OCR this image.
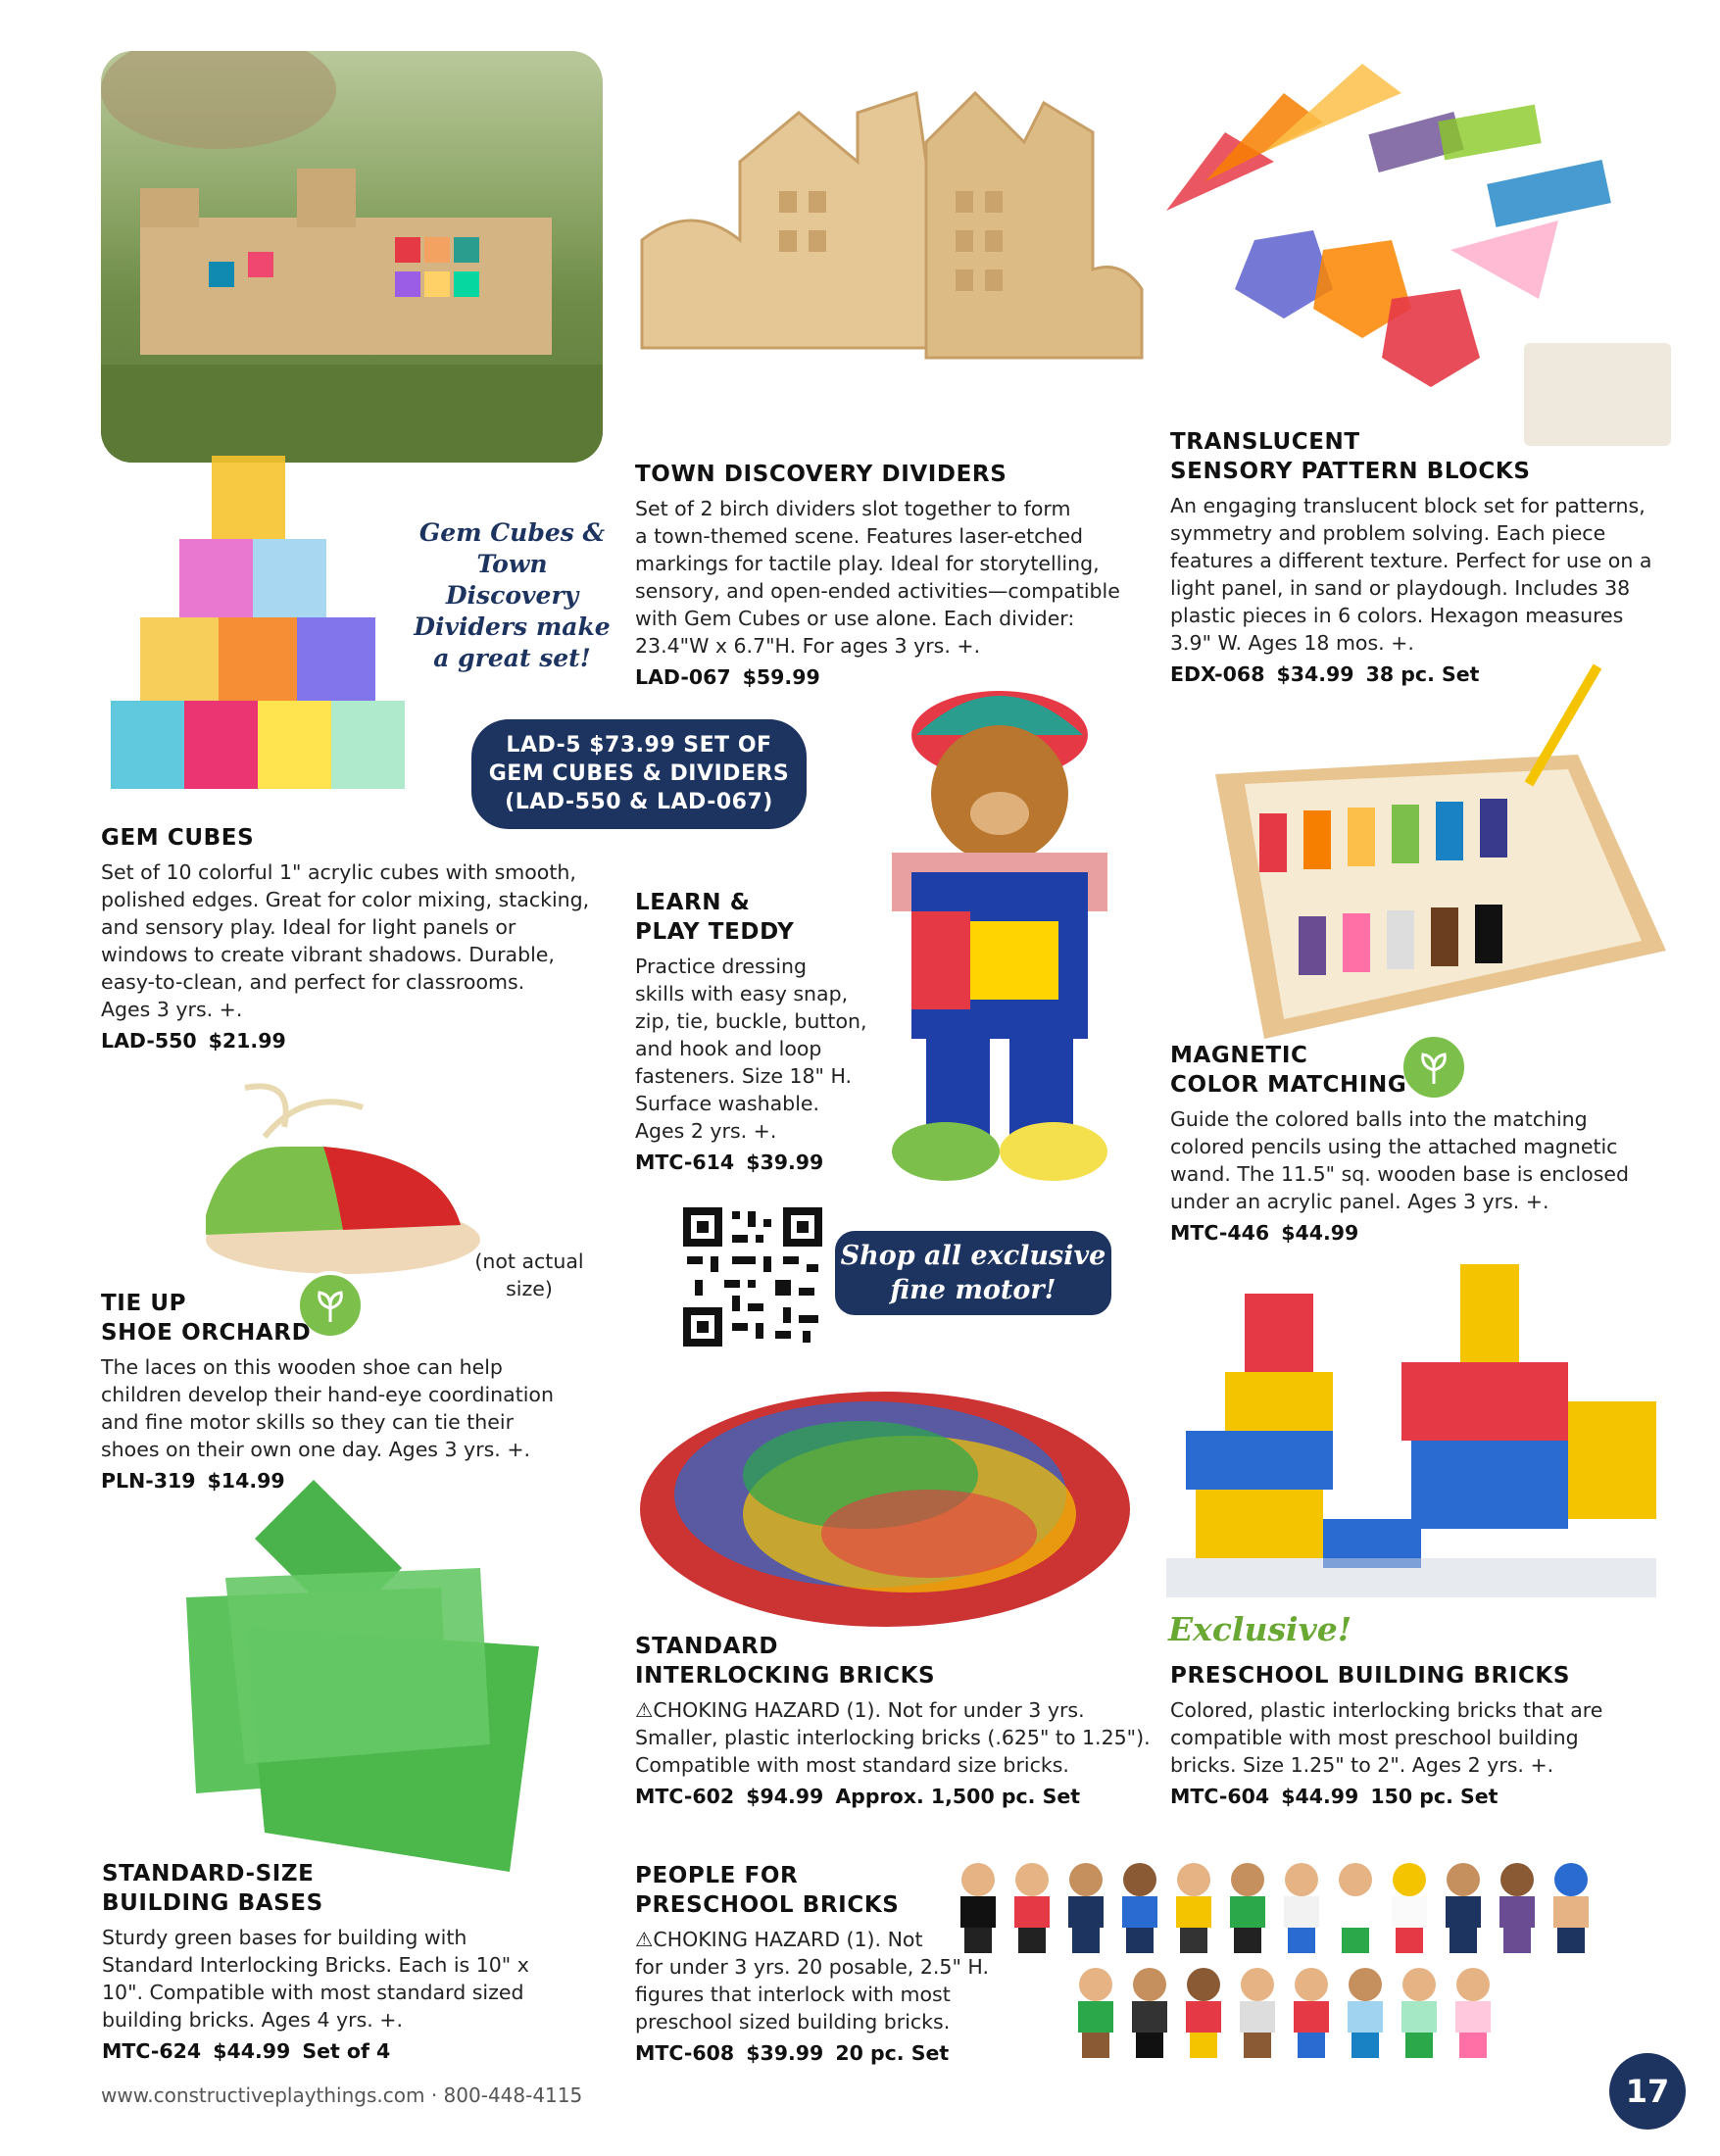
Gem Cubes &
Town Discovery
Dividers make
a great set!
LAD-5 $73.99 SET OF
GEM CUBES & DIVIDERS
(LAD-550 & LAD-067)
Shop all exclusive
fine motor!
(not actual
size)
Exclusive!
GEM CUBES
Set of 10 colorful 1" acrylic cubes with smooth,
polished edges. Great for color mixing, stacking,
and sensory play. Ideal for light panels or
windows to create vibrant shadows. Durable,
easy-to-clean, and perfect for classrooms.
Ages 3 yrs. +.
LAD-550 $21.99
TOWN DISCOVERY DIVIDERS
Set of 2 birch dividers slot together to form
a town-themed scene. Features laser-etched
markings for tactile play. Ideal for storytelling,
sensory, and open-ended activities—compatible
with Gem Cubes or use alone. Each divider:
23.4"W x 6.7"H. For ages 3 yrs. +.
LAD-067 $59.99
TRANSLUCENT
SENSORY PATTERN BLOCKS
An engaging translucent block set for patterns,
symmetry and problem solving. Each piece
features a different texture. Perfect for use on a
light panel, in sand or playdough. Includes 38
plastic pieces in 6 colors. Hexagon measures
3.9" W. Ages 18 mos. +.
EDX-068 $34.99 38 pc. Set
LEARN &
PLAY TEDDY
Practice dressing
skills with easy snap,
zip, tie, buckle, button,
and hook and loop
fasteners. Size 18" H.
Surface washable.
Ages 2 yrs. +.
MTC-614 $39.99
MAGNETIC
COLOR MATCHING
Guide the colored balls into the matching
colored pencils using the attached magnetic
wand. The 11.5" sq. wooden base is enclosed
under an acrylic panel. Ages 3 yrs. +.
MTC-446 $44.99
TIE UP
SHOE ORCHARD
The laces on this wooden shoe can help
children develop their hand-eye coordination
and fine motor skills so they can tie their
shoes on their own one day. Ages 3 yrs. +.
PLN-319 $14.99
STANDARD
INTERLOCKING BRICKS
⚠CHOKING HAZARD (1). Not for under 3 yrs.
Smaller, plastic interlocking bricks (.625" to 1.25").
Compatible with most standard size bricks.
MTC-602 $94.99 Approx. 1,500 pc. Set
PRESCHOOL BUILDING BRICKS
Colored, plastic interlocking bricks that are
compatible with most preschool building
bricks. Size 1.25" to 2". Ages 2 yrs. +.
MTC-604 $44.99 150 pc. Set
STANDARD-SIZE
BUILDING BASES
Sturdy green bases for building with
Standard Interlocking Bricks. Each is 10" x
10". Compatible with most standard sized
building bricks. Ages 4 yrs. +.
MTC-624 $44.99 Set of 4
PEOPLE FOR
PRESCHOOL BRICKS
⚠CHOKING HAZARD (1). Not
for under 3 yrs. 20 posable, 2.5" H.
figures that interlock with most
preschool sized building bricks.
MTC-608 $39.99 20 pc. Set
www.constructiveplaythings.com · 800-448-4115	17
